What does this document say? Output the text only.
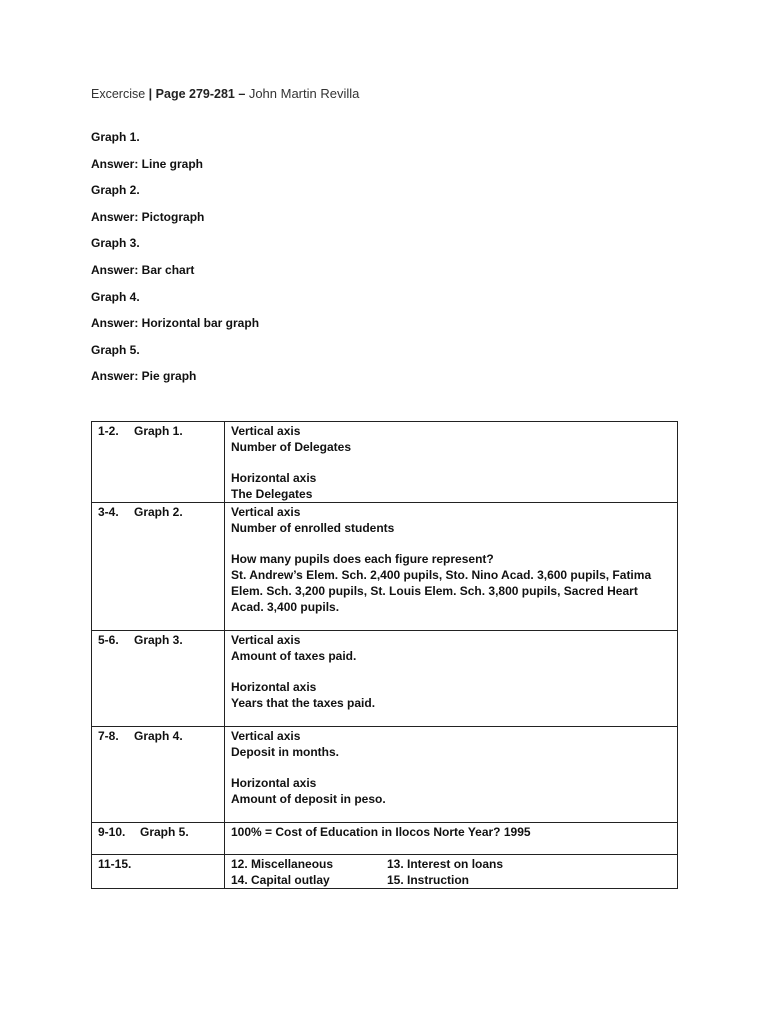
Excercise | Page 279-281 – John Martin Revilla
Graph 1.
Answer: Line graph
Graph 2.
Answer: Pictograph
Graph 3.
Answer: Bar chart
Graph 4.
Answer: Horizontal bar graph
Graph 5.
Answer: Pie graph
1-2. Graph 1.	Vertical axis
Number of Delegates
Horizontal axis
The Delegates

3-4. Graph 2.	Vertical axis
Number of enrolled students
How many pupils does each figure represent?
St. Andrew’s Elem. Sch. 2,400 pupils, Sto. Nino Acad. 3,600 pupils, Fatima Elem. Sch. 3,200 pupils, St. Louis Elem. Sch. 3,800 pupils, Sacred Heart Acad. 3,400 pupils.

5-6. Graph 3.	Vertical axis
Amount of taxes paid.
Horizontal axis
Years that the taxes paid.

7-8. Graph 4.	Vertical axis
Deposit in months.
Horizontal axis
Amount of deposit in peso.

9-10. Graph 5.	100% = Cost of Education in Ilocos Norte Year? 1995

11-15.	12. Miscellaneous 13. Interest on loans
14. Capital outlay 15. Instruction
